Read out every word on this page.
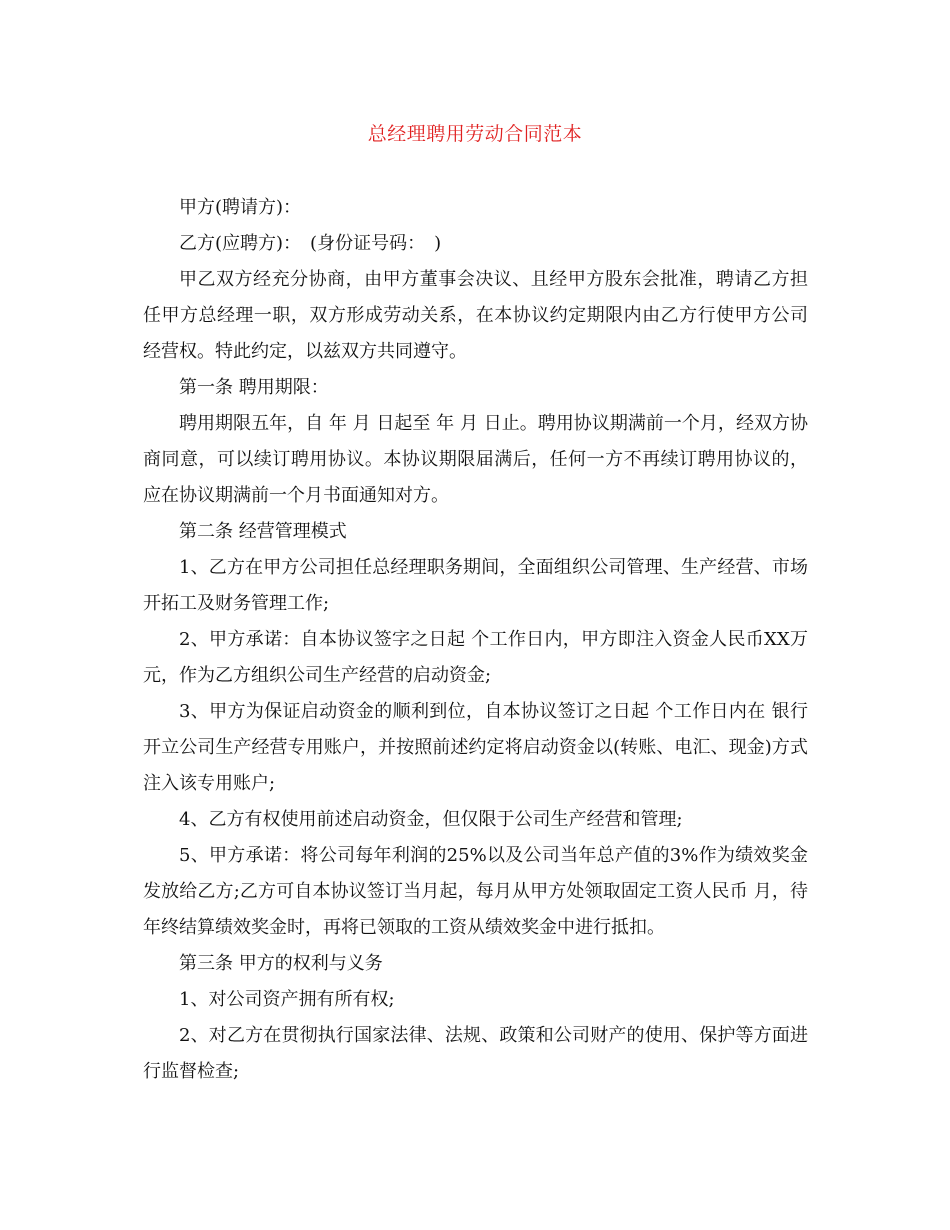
总经理聘用劳动合同范本

甲方(聘请方)：

乙方(应聘方)：　(身份证号码：　)

甲乙双方经充分协商，由甲方董事会决议、且经甲方股东会批准，聘请乙方担任甲方总经理一职，双方形成劳动关系，在本协议约定期限内由乙方行使甲方公司经营权。特此约定，以兹双方共同遵守。

第一条 聘用期限：

聘用期限五年，自 年 月 日起至 年 月 日止。聘用协议期满前一个月，经双方协商同意，可以续订聘用协议。本协议期限届满后，任何一方不再续订聘用协议的，应在协议期满前一个月书面通知对方。

第二条 经营管理模式

1、乙方在甲方公司担任总经理职务期间，全面组织公司管理、生产经营、市场开拓工及财务管理工作;

2、甲方承诺：自本协议签字之日起 个工作日内，甲方即注入资金人民币XX万元，作为乙方组织公司生产经营的启动资金;

3、甲方为保证启动资金的顺利到位，自本协议签订之日起 个工作日内在 银行开立公司生产经营专用账户，并按照前述约定将启动资金以(转账、电汇、现金)方式注入该专用账户;

4、乙方有权使用前述启动资金，但仅限于公司生产经营和管理;

5、甲方承诺：将公司每年利润的25%以及公司当年总产值的3%作为绩效奖金发放给乙方;乙方可自本协议签订当月起，每月从甲方处领取固定工资人民币 月，待年终结算绩效奖金时，再将已领取的工资从绩效奖金中进行抵扣。

第三条 甲方的权利与义务

1、对公司资产拥有所有权;

2、对乙方在贯彻执行国家法律、法规、政策和公司财产的使用、保护等方面进行监督检查;
